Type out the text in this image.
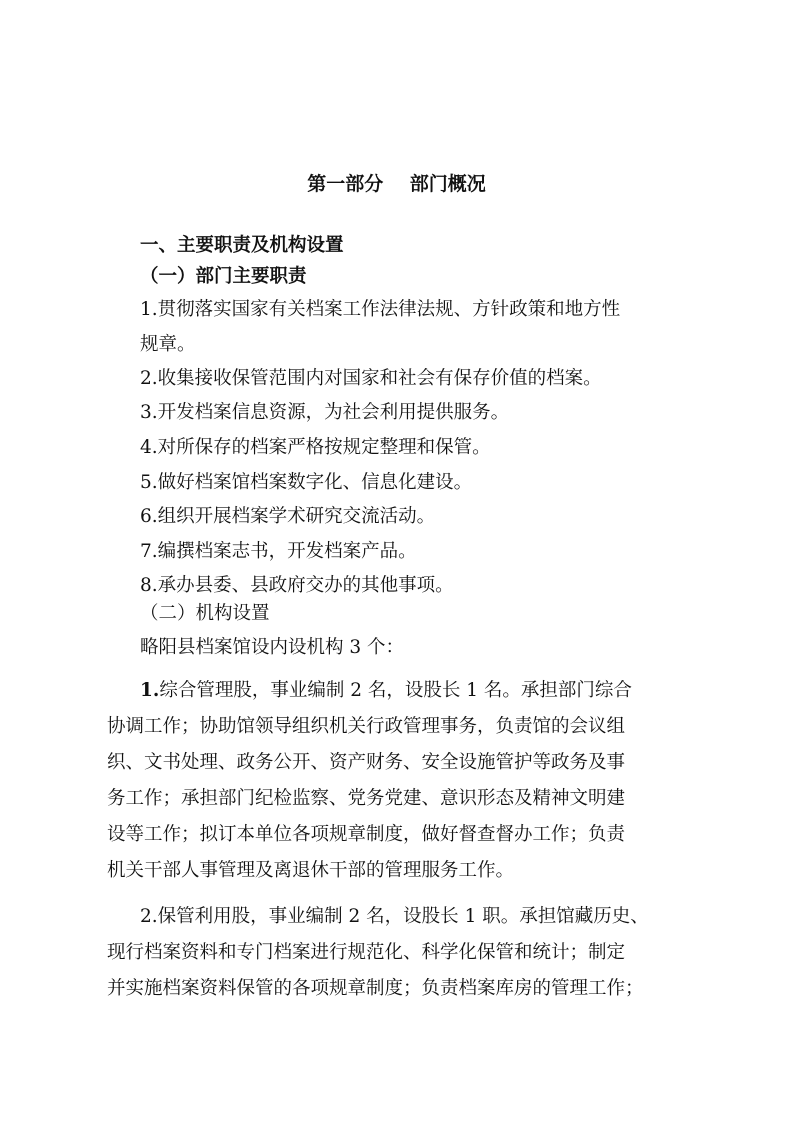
第一部分    部门概况
一、主要职责及机构设置
（一）部门主要职责
1.贯彻落实国家有关档案工作法律法规、方针政策和地方性
规章。
2.收集接收保管范围内对国家和社会有保存价值的档案。
3.开发档案信息资源，为社会利用提供服务。
4.对所保存的档案严格按规定整理和保管。
5.做好档案馆档案数字化、信息化建设。
6.组织开展档案学术研究交流活动。
7.编撰档案志书，开发档案产品。
8.承办县委、县政府交办的其他事项。
（二）机构设置
略阳县档案馆设内设机构 3 个：
1.综合管理股，事业编制 2 名，设股长 1 名。承担部门综合
协调工作；协助馆领导组织机关行政管理事务，负责馆的会议组
织、文书处理、政务公开、资产财务、安全设施管护等政务及事
务工作；承担部门纪检监察、党务党建、意识形态及精神文明建
设等工作；拟订本单位各项规章制度，做好督查督办工作；负责
机关干部人事管理及离退休干部的管理服务工作。
2.保管利用股，事业编制 2 名，设股长 1 职。承担馆藏历史、
现行档案资料和专门档案进行规范化、科学化保管和统计；制定
并实施档案资料保管的各项规章制度；负责档案库房的管理工作；
